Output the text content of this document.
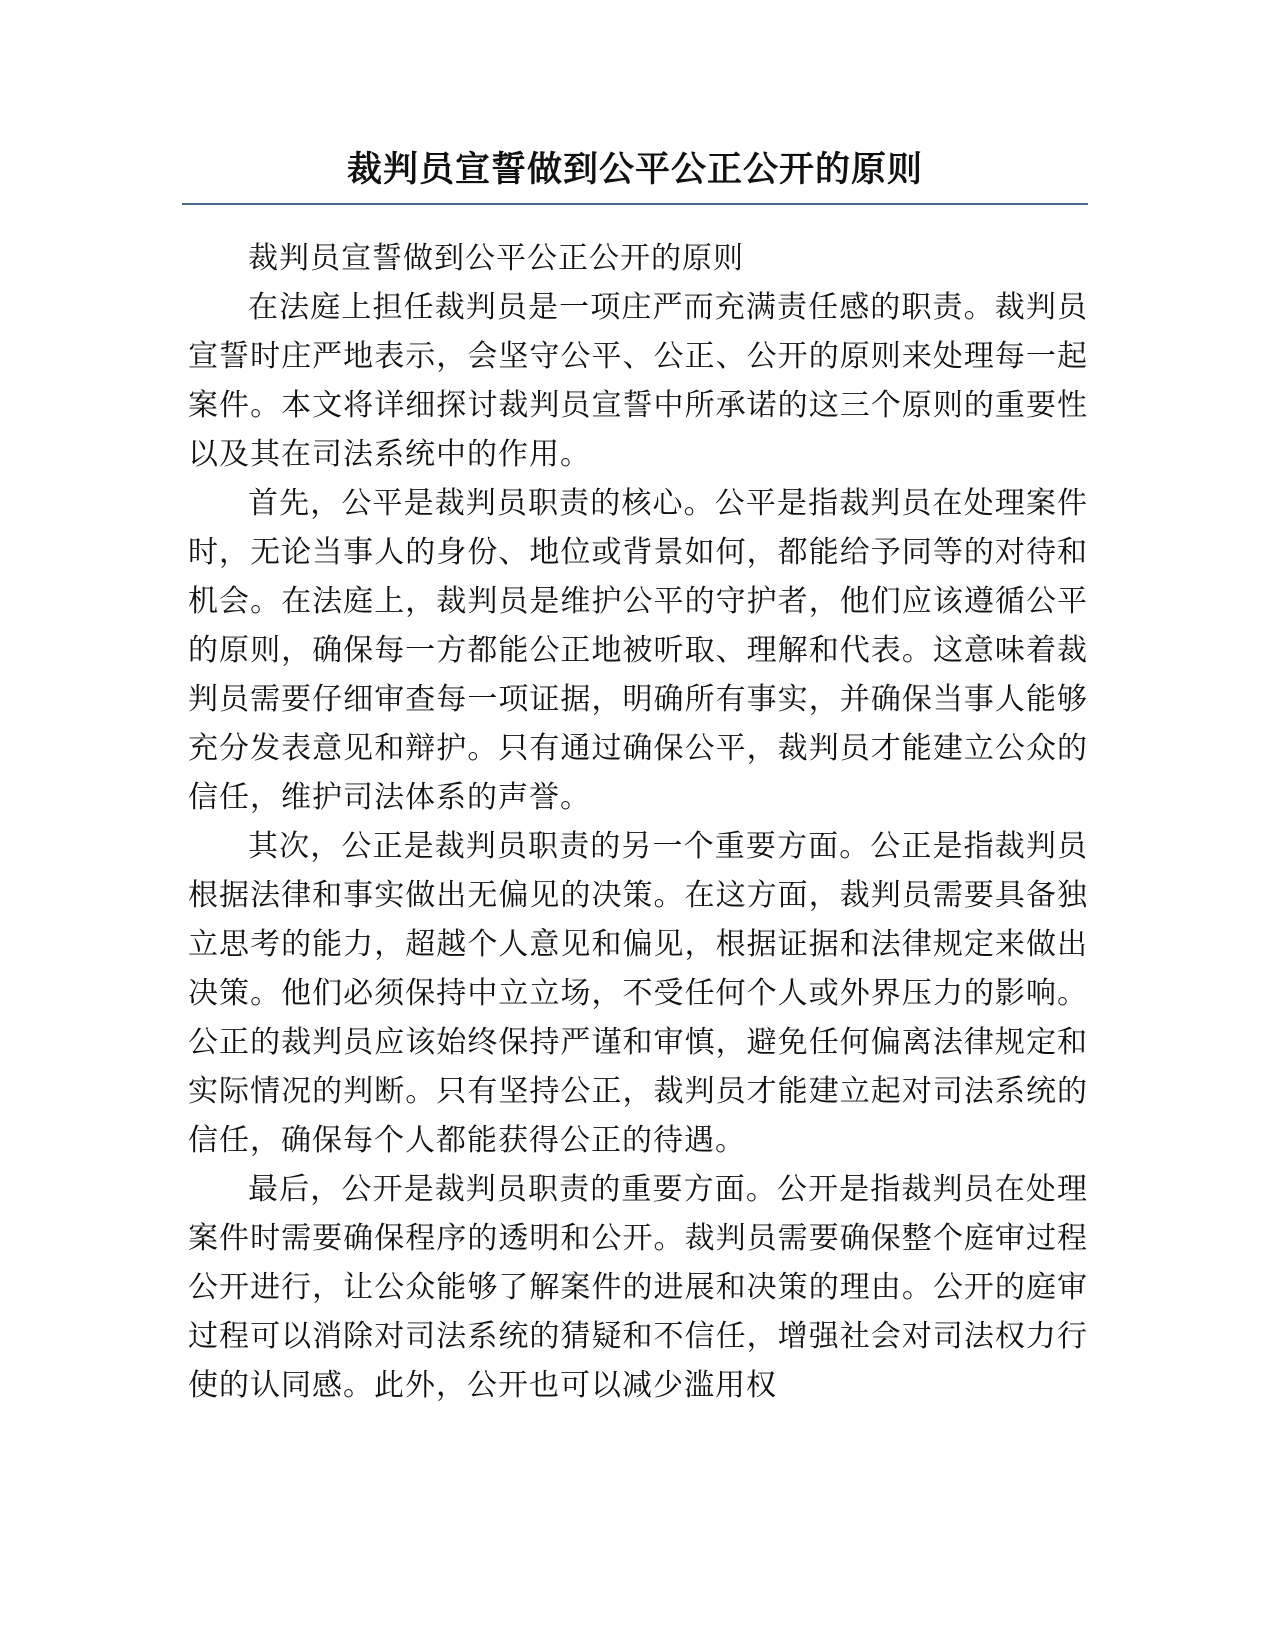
裁判员宣誓做到公平公正公开的原则

裁判员宣誓做到公平公正公开的原则

在法庭上担任裁判员是一项庄严而充满责任感的职责。裁判员宣誓时庄严地表示，会坚守公平、公正、公开的原则来处理每一起案件。本文将详细探讨裁判员宣誓中所承诺的这三个原则的重要性以及其在司法系统中的作用。

首先，公平是裁判员职责的核心。公平是指裁判员在处理案件时，无论当事人的身份、地位或背景如何，都能给予同等的对待和机会。在法庭上，裁判员是维护公平的守护者，他们应该遵循公平的原则，确保每一方都能公正地被听取、理解和代表。这意味着裁判员需要仔细审查每一项证据，明确所有事实，并确保当事人能够充分发表意见和辩护。只有通过确保公平，裁判员才能建立公众的信任，维护司法体系的声誉。

其次，公正是裁判员职责的另一个重要方面。公正是指裁判员根据法律和事实做出无偏见的决策。在这方面，裁判员需要具备独立思考的能力，超越个人意见和偏见，根据证据和法律规定来做出决策。他们必须保持中立立场，不受任何个人或外界压力的影响。公正的裁判员应该始终保持严谨和审慎，避免任何偏离法律规定和实际情况的判断。只有坚持公正，裁判员才能建立起对司法系统的信任，确保每个人都能获得公正的待遇。

最后，公开是裁判员职责的重要方面。公开是指裁判员在处理案件时需要确保程序的透明和公开。裁判员需要确保整个庭审过程公开进行，让公众能够了解案件的进展和决策的理由。公开的庭审过程可以消除对司法系统的猜疑和不信任，增强社会对司法权力行使的认同感。此外，公开也可以减少滥用权
